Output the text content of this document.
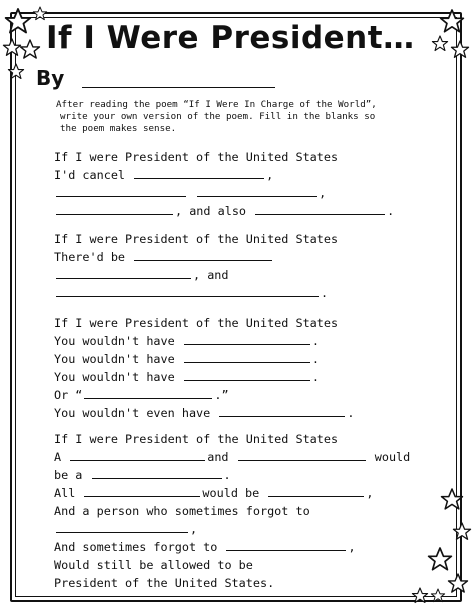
If I Were President…
By
After reading the poem “If I Were In Charge of the World”,
write your own version of the poem. Fill in the blanks so
the poem makes sense.
If I were President of the United States
I'd cancel	,
,
, and also	.
If I were President of the United States
There'd be
, and
.
If I were President of the United States
You wouldn't have	.
You wouldn't have	.
You wouldn't have	.
Or “	.”
You wouldn't even have	.
If I were President of the United States
A	and	would
be a	.
All	would be	,
And a person who sometimes forgot to
,
And sometimes forgot to	,
Would still be allowed to be
President of the United States.
